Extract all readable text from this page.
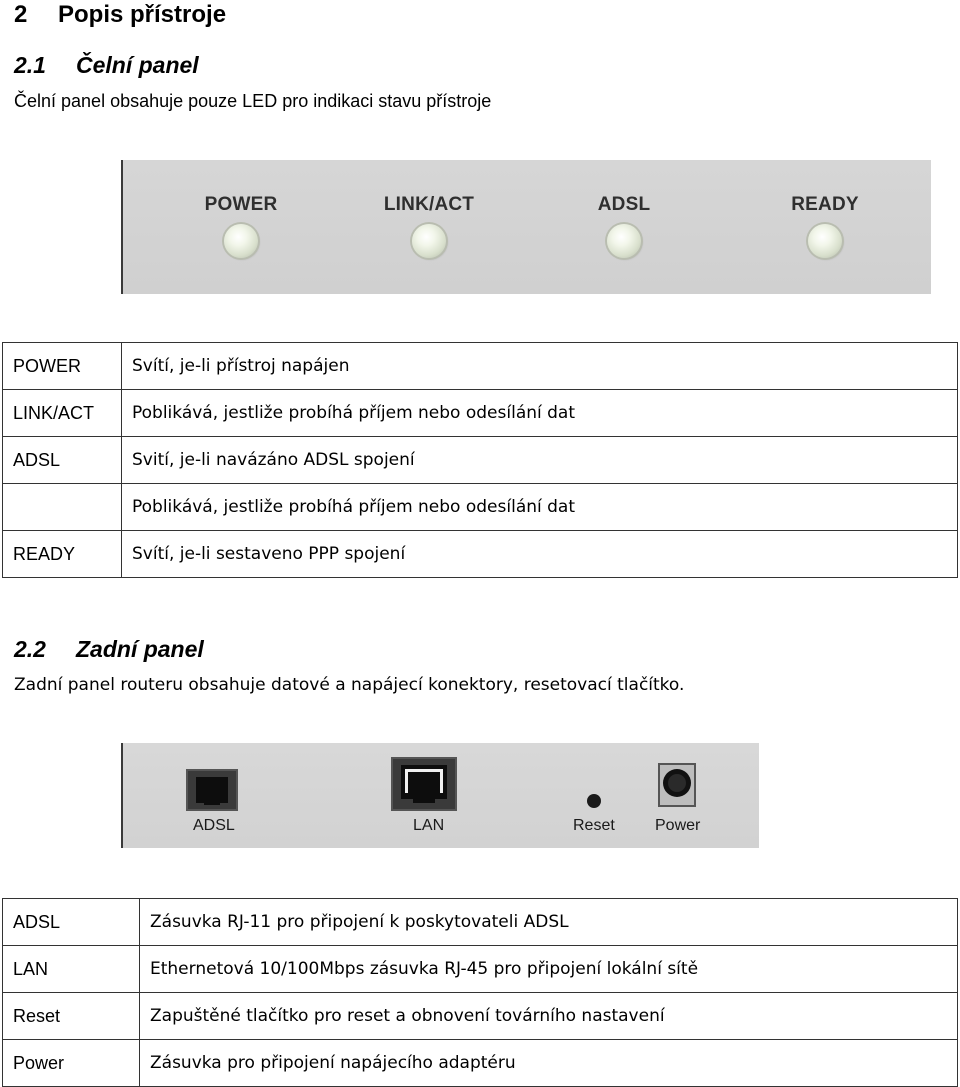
2 Popis přístroje
2.1 Čelní panel
Čelní panel obsahuje pouze LED pro indikaci stavu přístroje
POWER	LINK/ACT	ADSL	READY
POWER	Svítí, je-li přístroj napájen
LINK/ACT	Poblikává, jestliže probíhá příjem nebo odesílání dat
ADSL	Svití, je-li navázáno ADSL spojení
	Poblikává, jestliže probíhá příjem nebo odesílání dat
READY	Svítí, je-li sestaveno PPP spojení
2.2 Zadní panel
Zadní panel routeru obsahuje datové a napájecí konektory, resetovací tlačítko.
ADSL	LAN	Reset	Power
ADSL	Zásuvka RJ-11 pro připojení k poskytovateli ADSL
LAN	Ethernetová 10/100Mbps zásuvka RJ-45 pro připojení lokální sítě
Reset	Zapuštěné tlačítko pro reset a obnovení továrního nastavení
Power	Zásuvka pro připojení napájecího adaptéru
